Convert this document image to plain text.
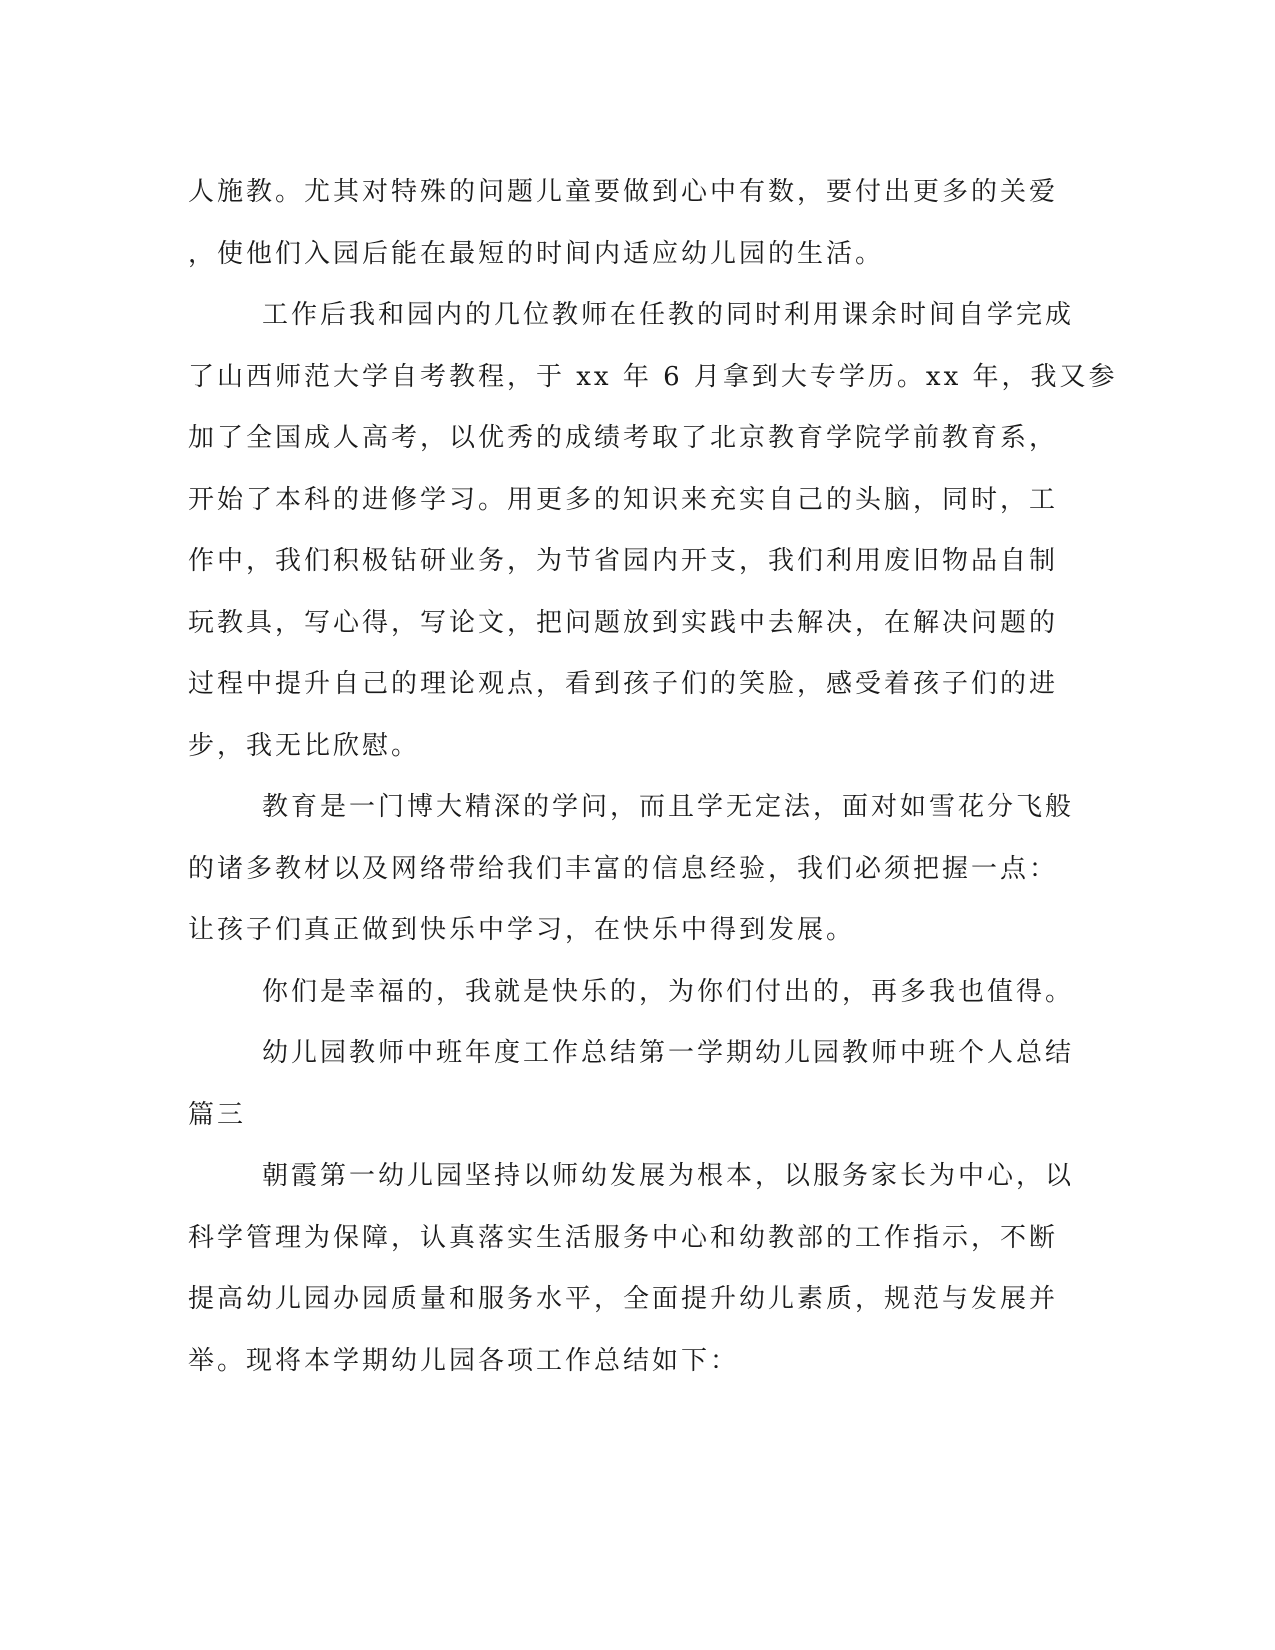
人施教。尤其对特殊的问题儿童要做到心中有数，要付出更多的关爱
，使他们入园后能在最短的时间内适应幼儿园的生活。
工作后我和园内的几位教师在任教的同时利用课余时间自学完成
了山西师范大学自考教程，于 xx 年 6 月拿到大专学历。xx 年，我又参
加了全国成人高考，以优秀的成绩考取了北京教育学院学前教育系，
开始了本科的进修学习。用更多的知识来充实自己的头脑，同时，工
作中，我们积极钻研业务，为节省园内开支，我们利用废旧物品自制
玩教具，写心得，写论文，把问题放到实践中去解决，在解决问题的
过程中提升自己的理论观点，看到孩子们的笑脸，感受着孩子们的进
步，我无比欣慰。
教育是一门博大精深的学问，而且学无定法，面对如雪花分飞般
的诸多教材以及网络带给我们丰富的信息经验，我们必须把握一点：
让孩子们真正做到快乐中学习，在快乐中得到发展。
你们是幸福的，我就是快乐的，为你们付出的，再多我也值得。
幼儿园教师中班年度工作总结第一学期幼儿园教师中班个人总结
篇三
朝霞第一幼儿园坚持以师幼发展为根本，以服务家长为中心，以
科学管理为保障，认真落实生活服务中心和幼教部的工作指示，不断
提高幼儿园办园质量和服务水平，全面提升幼儿素质，规范与发展并
举。现将本学期幼儿园各项工作总结如下：
